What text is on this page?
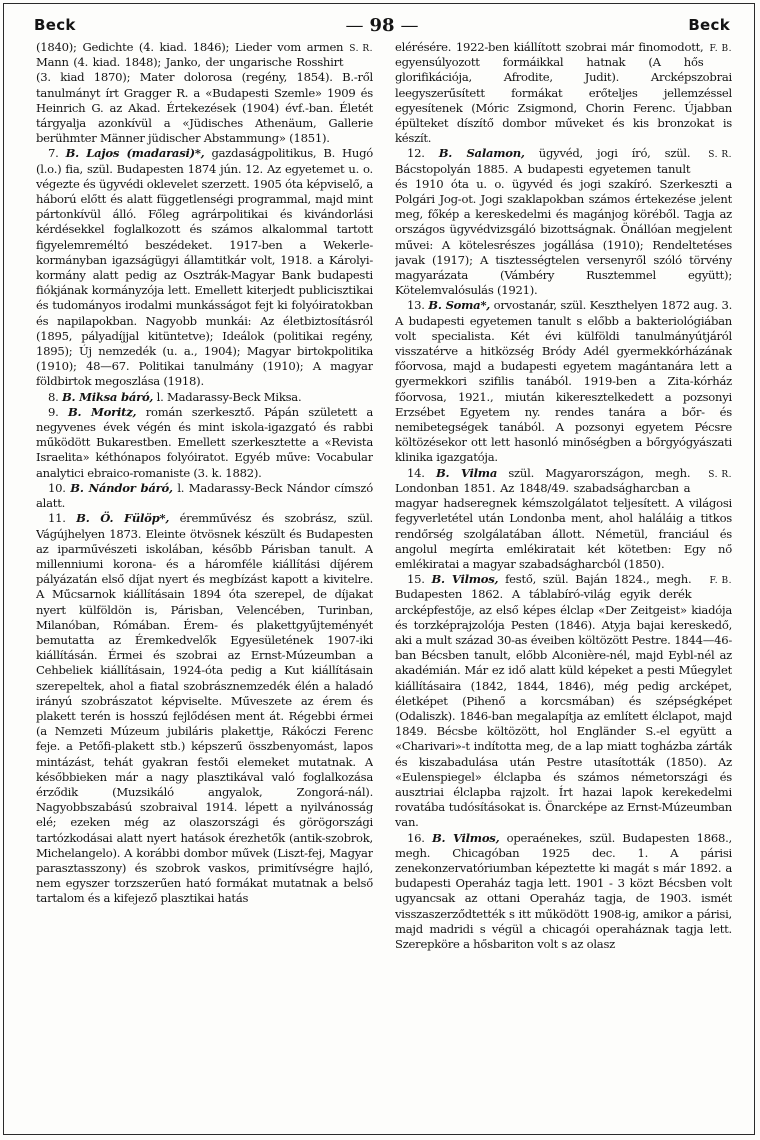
Beck	— 98 —	Beck

S. R.
(1840); Gedichte (4. kiad. 1846); Lieder vom armen Mann (4. kiad. 1848); Janko, der ungarische Rosshirt (3. kiad 1870); Mater dolorosa (regény, 1854). B.-ről tanulmányt írt Gragger R. a «Budapesti Szemle» 1909 és Heinrich G. az Akad. Értekezések (1904) évf.-ban. Életét tárgyalja azonkívül a «Jüdisches Athenäum, Gallerie berühmter Männer jüdischer Abstammung» (1851).

7. B. Lajos (madarasi)*, gazdaságpolitikus, B. Hugó (l.o.) fia, szül. Budapesten 1874 jún. 12. Az egyetemet u. o. végezte és ügyvédi oklevelet szerzett. 1905 óta képviselő, a háború előtt és alatt függetlenségi programmal, majd mint pártonkívül álló. Főleg agrárpolitikai és kivándorlási kérdésekkel foglalkozott és számos alkalommal tartott figyelemreméltó beszédeket. 1917-ben a Wekerle-kormányban igazságügyi államtitkár volt, 1918. a Károlyi-kormány alatt pedig az Osztrák-Magyar Bank budapesti fiókjának kormányzója lett. Emellett kiterjedt publicisztikai és tudományos irodalmi munkásságot fejt ki folyóiratokban és napilapokban. Nagyobb munkái: Az életbiztosításról (1895, pályadíjjal kitüntetve); Ideálok (politikai regény, 1895); Új nemzedék (u. a., 1904); Magyar birtokpolitika (1910); 48—67. Politikai tanulmány (1910); A magyar földbirtok megoszlása (1918).

8. B. Miksa báró, l. Madarassy-Beck Miksa.

9. B. Moritz, román szerkesztő. Pápán született a negyvenes évek végén és mint iskola-igazgató és rabbi működött Bukarestben. Emellett szerkesztette a «Revista Israelita» kéthónapos folyóiratot. Egyéb műve: Vocabular analytici ebraico-romaniste (3. k. 1882).

10. B. Nándor báró, l. Madarassy-Beck Nándor címszó alatt.

11. B. Ö. Fülöp*, éremművész és szobrász, szül. Vágújhelyen 1873. Eleinte ötvösnek készült és Budapesten az iparművészeti iskolában, később Párisban tanult. A millenniumi korona- és a háromféle kiállítási díjérem pályázatán első díjat nyert és megbízást kapott a kivitelre. A Műcsarnok kiállításain 1894 óta szerepel, de díjakat nyert külföldön is, Párisban, Velencében, Turinban, Milanóban, Rómában. Érem- és plakettgyűjteményét bemutatta az Éremkedvelők Egyesületének 1907-iki kiállításán. Érmei és szobrai az Ernst-Múzeumban a Cehbeliek kiállításain, 1924-óta pedig a Kut kiállításain szerepeltek, ahol a fiatal szobrásznemzedék élén a haladó irányú szobrászatot képviselte. Műveszete az érem és plakett terén is hosszú fejlődésen ment át. Régebbi érmei (a Nemzeti Múzeum jubiláris plakettje, Rákóczi Ferenc feje. a Petőfi-plakett stb.) képszerű összbenyomást, lapos mintázást, tehát gyakran festői elemeket mutatnak. A későbbieken már a nagy plasztikával való foglalkozása érződik (Muzsikáló angyalok, Zongorá-nál). Nagyobbszabású szobraival 1914. lépett a nyilvánosság elé; ezeken még az olaszországi és görögországi tartózkodásai alatt nyert hatások érezhetők (antik-szobrok, Michelangelo). A korábbi dombor művek (Liszt-fej, Magyar parasztasszony) és szobrok vaskos, primitívségre hajló, nem egyszer torzszerűen ható formákat mutatnak a belső tartalom és a kifejező plasztikai hatás

F. B.
elérésére. 1922-ben kiállított szobrai már finomodott, egyensúlyozott formáikkal hatnak (A hős glorifikációja, Afrodite, Judit). Arcképszobrai leegyszerűsített formákat erőteljes jellemzéssel egyesítenek (Móric Zsigmond, Chorin Ferenc. Újabban épülteket díszítő dombor műveket és kis bronzokat is készít.

S. R.
12. B. Salamon, ügyvéd, jogi író, szül. Bácstopolyán 1885. A budapesti egyetemen tanult és 1910 óta u. o. ügyvéd és jogi szakíró. Szerkeszti a Polgári Jog-ot. Jogi szaklapokban számos értekezése jelent meg, főkép a kereskedelmi és magánjog köréből. Tagja az országos ügyvédvizsgáló bizottságnak. Önállóan megjelent művei: A kötelesrészes jogállása (1910); Rendeltetéses javak (1917); A tisztességtelen versenyről szóló törvény magyarázata (Vámbéry Rusztemmel együtt); Kötelemvalósulás (1921).

13. B. Soma*, orvostanár, szül. Keszthelyen 1872 aug. 3. A budapesti egyetemen tanult s előbb a bakteriológiában volt specialista. Két évi külföldi tanulmányútjáról visszatérve a hitközség Bródy Adél gyermekkórházának főorvosa, majd a budapesti egyetem magántanára lett a gyermekkori szifilis tanából. 1919-ben a Zita-kórház főorvosa, 1921., miután kikeresztelkedett a pozsonyi Erzsébet Egyetem ny. rendes tanára a bőr- és nemibetegségek tanából. A pozsonyi egyetem Pécsre költözésekor ott lett hasonló minőségben a bőrgyógyászati klinika igazgatója.

S. R.
14. B. Vilma szül. Magyarországon, megh. Londonban 1851. Az 1848/49. szabadságharcban a magyar hadseregnek kémszolgálatot teljesített. A világosi fegyverletétel után Londonba ment, ahol haláláig a titkos rendőrség szolgálatában állott. Németül, franciául és angolul megírta emlékiratait két kötetben: Egy nő emlékiratai a magyar szabadságharcból (1850).

F. B.
15. B. Vilmos, festő, szül. Baján 1824., megh. Budapesten 1862. A táblabíró-világ egyik derék arcképfestője, az első képes élclap «Der Zeitgeist» kiadója és torzképrajzolója Pesten (1846). Atyja bajai kereskedő, aki a mult század 30-as éveiben költözött Pestre. 1844—46-ban Bécsben tanult, előbb Alconière-nél, majd Eybl-nél az akadémián. Már ez idő alatt küld képeket a pesti Műegylet kiállításaira (1842, 1844, 1846), még pedig arcképet, életképet (Pihenő a korcsmában) és szépségképet (Odaliszk). 1846-ban megalapítja az említett élclapot, majd 1849. Bécsbe költözött, hol Engländer S.-el együtt a «Charivari»-t indította meg, de a lap miatt togházba zárták és kiszabadulása után Pestre utasították (1850). Az «Eulenspiegel» élclapba és számos németországi és ausztriai élclapba rajzolt. Írt hazai lapok kerekedelmi rovatába tudósításokat is. Önarcképe az Ernst-Múzeumban van.

16. B. Vilmos, operaénekes, szül. Budapesten 1868., megh. Chicagóban 1925 dec. 1. A párisi zenekonzervatóriumban képeztette ki magát s már 1892. a budapesti Operaház tagja lett. 1901 - 3 közt Bécsben volt ugyancsak az ottani Operaház tagja, de 1903. ismét visszaszerződtették s itt működött 1908-ig, amikor a párisi, majd madridi s végül a chicagói operaháznak tagja lett. Szerepköre a hősbariton volt s az olasz
